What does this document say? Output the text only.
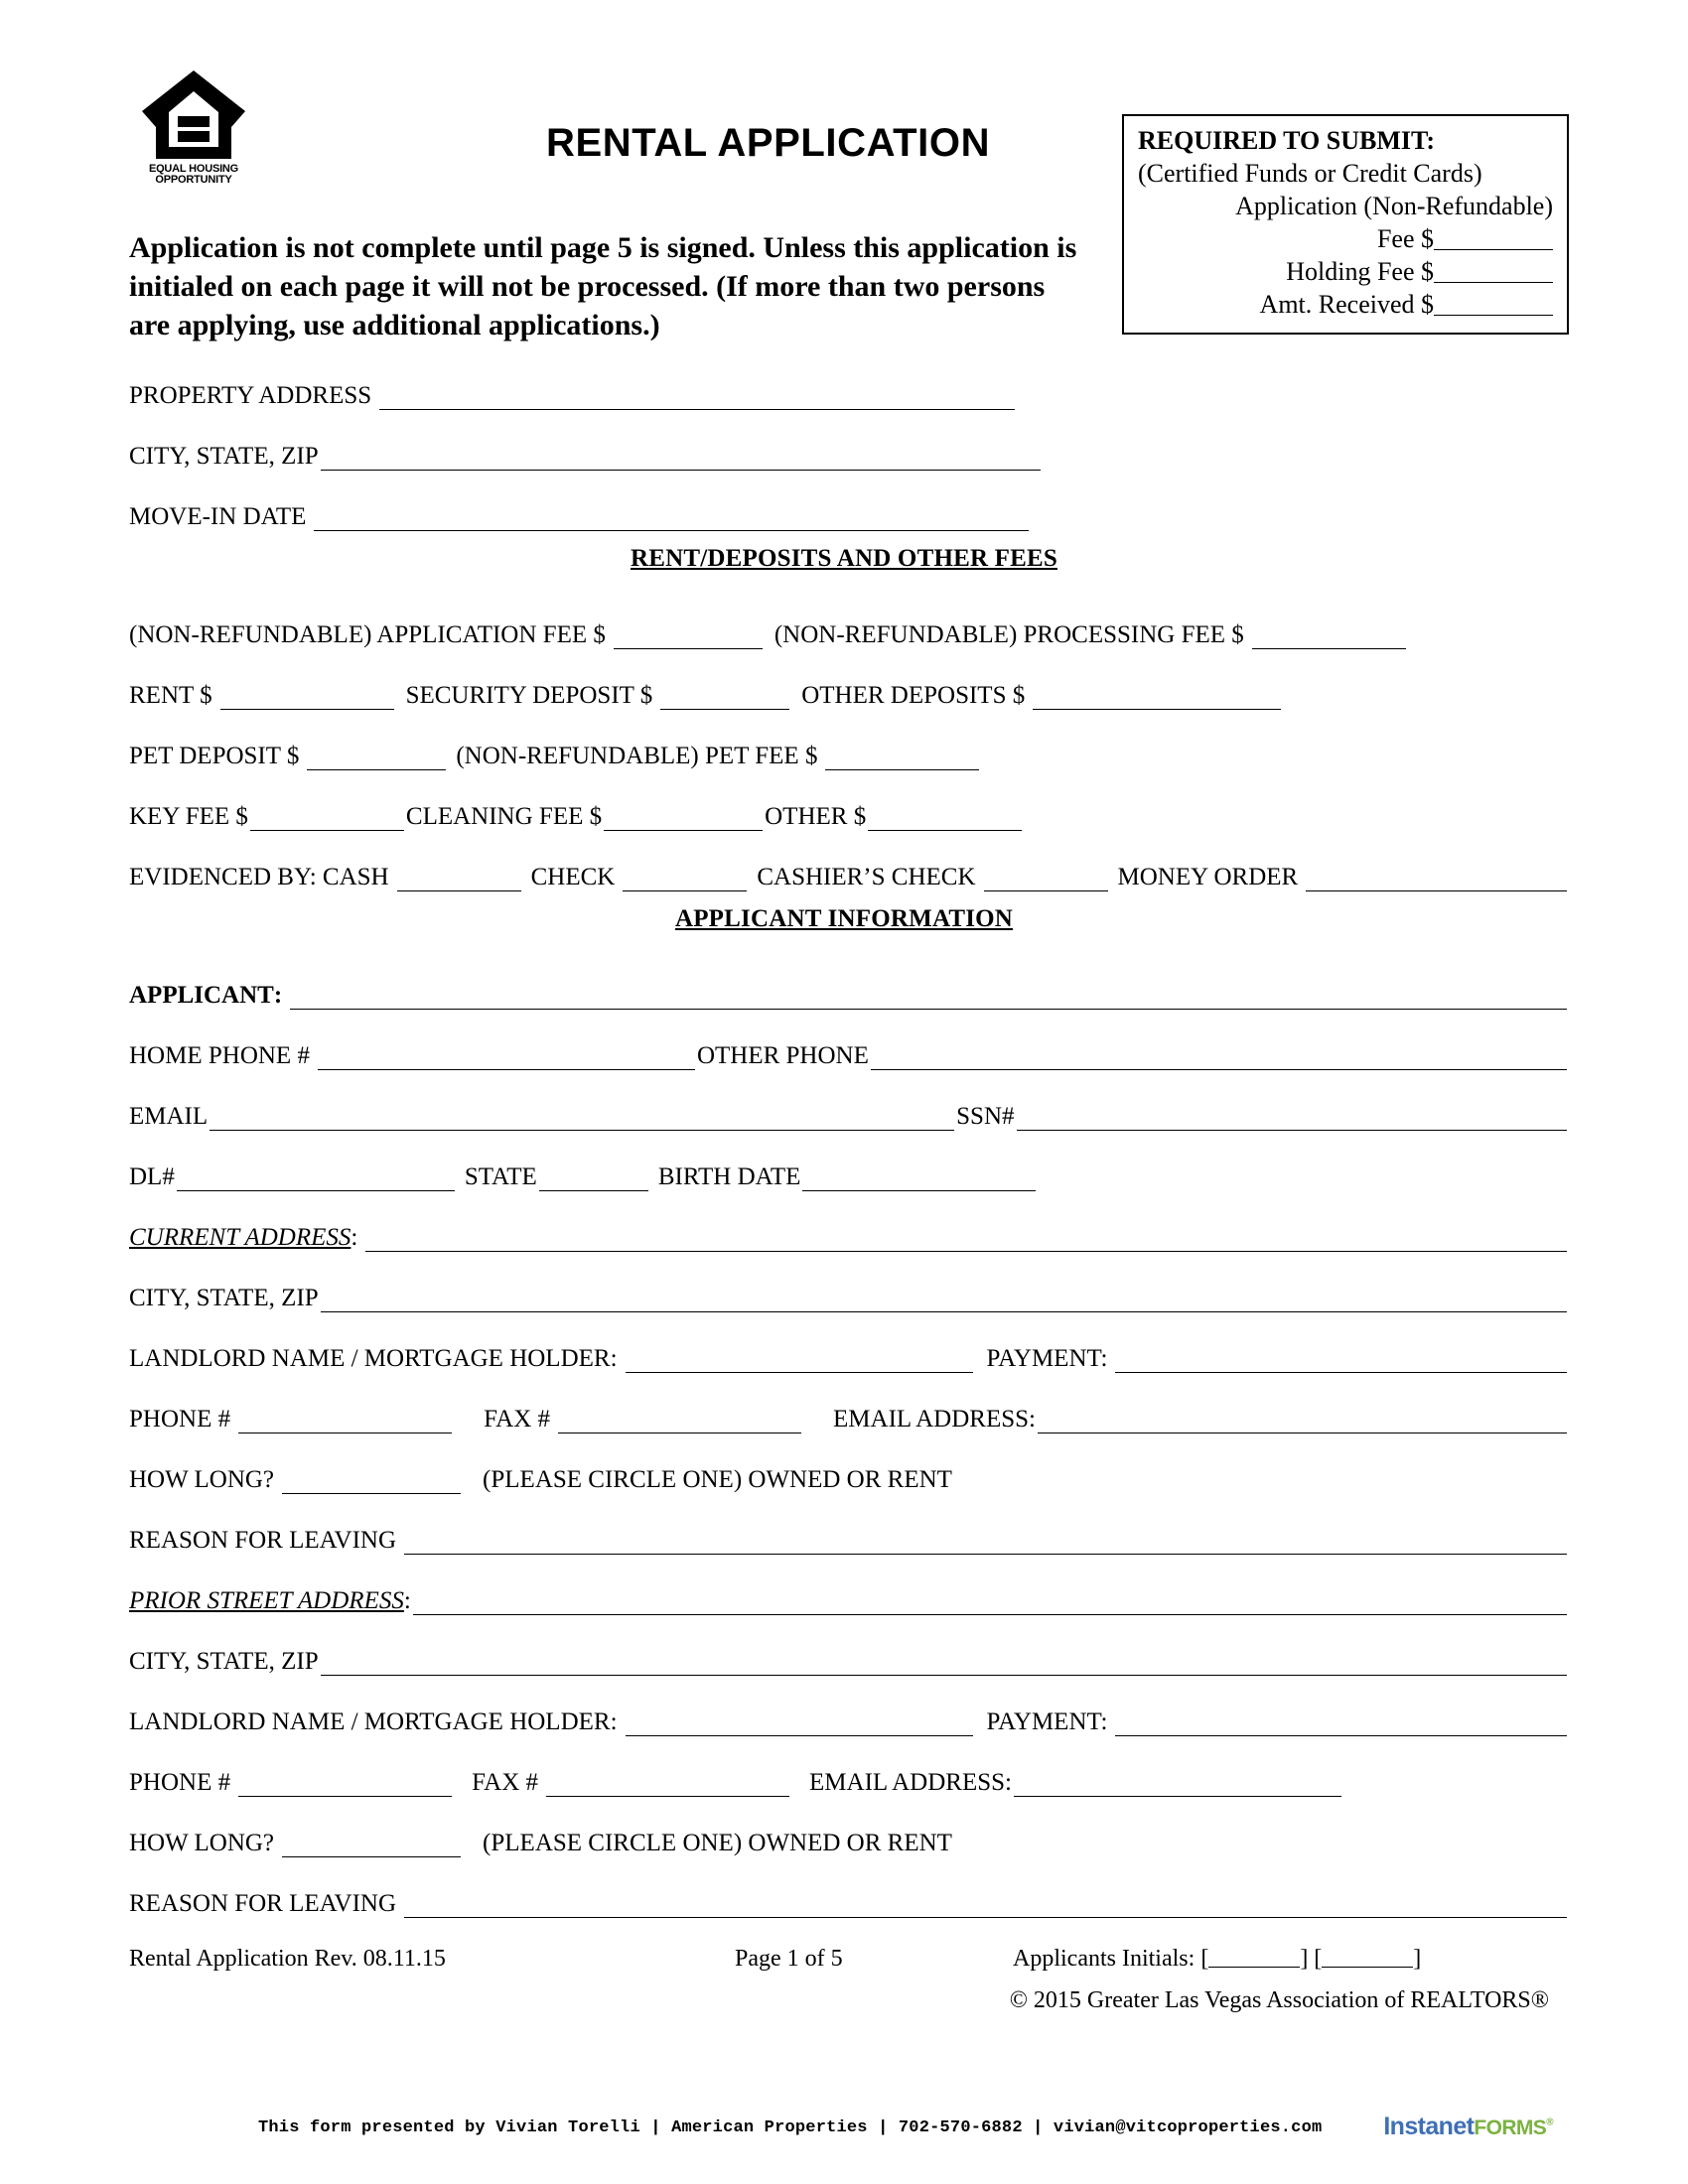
EQUAL HOUSING
OPPORTUNITY
RENTAL APPLICATION	REQUIRED TO SUBMIT:
(Certified Funds or Credit Cards)
Application (Non-Refundable)
Fee $
Holding Fee $
Amt. Received $
Application is not complete until page 5 is signed. Unless this application is initialed on each page it will not be processed. (If more than two persons are applying, use additional applications.)
PROPERTY ADDRESS
CITY, STATE, ZIP
MOVE-IN DATE
RENT/DEPOSITS AND OTHER FEES
(NON-REFUNDABLE) APPLICATION FEE $	(NON-REFUNDABLE) PROCESSING FEE $
RENT $	SECURITY DEPOSIT $	OTHER DEPOSITS $
PET DEPOSIT $	(NON-REFUNDABLE) PET FEE $
KEY FEE $	CLEANING FEE $	OTHER $
EVIDENCED BY: CASH	CHECK	CASHIER’S CHECK	MONEY ORDER
APPLICANT INFORMATION
APPLICANT :
HOME PHONE #	OTHER PHONE
EMAIL	SSN#
DL#	STATE	BIRTH DATE
CURRENT ADDRESS :
CITY, STATE, ZIP
LANDLORD NAME / MORTGAGE HOLDER:	PAYMENT:
PHONE #	FAX #	EMAIL ADDRESS:
HOW LONG?	(PLEASE CIRCLE ONE) OWNED OR RENT
REASON FOR LEAVING
PRIOR STREET ADDRESS :
CITY, STATE, ZIP
LANDLORD NAME / MORTGAGE HOLDER:	PAYMENT:
PHONE #	FAX #	EMAIL ADDRESS:
HOW LONG?	(PLEASE CIRCLE ONE) OWNED OR RENT
REASON FOR LEAVING
Rental Application Rev. 08.11.15	Page 1 of 5	Applicants Initials: [	] [	]
© 2015 Greater Las Vegas Association of REALTORS®
This form presented by Vivian Torelli | American Properties | 702-570-6882 | vivian@vitcoproperties.com InstanetFORMS®
